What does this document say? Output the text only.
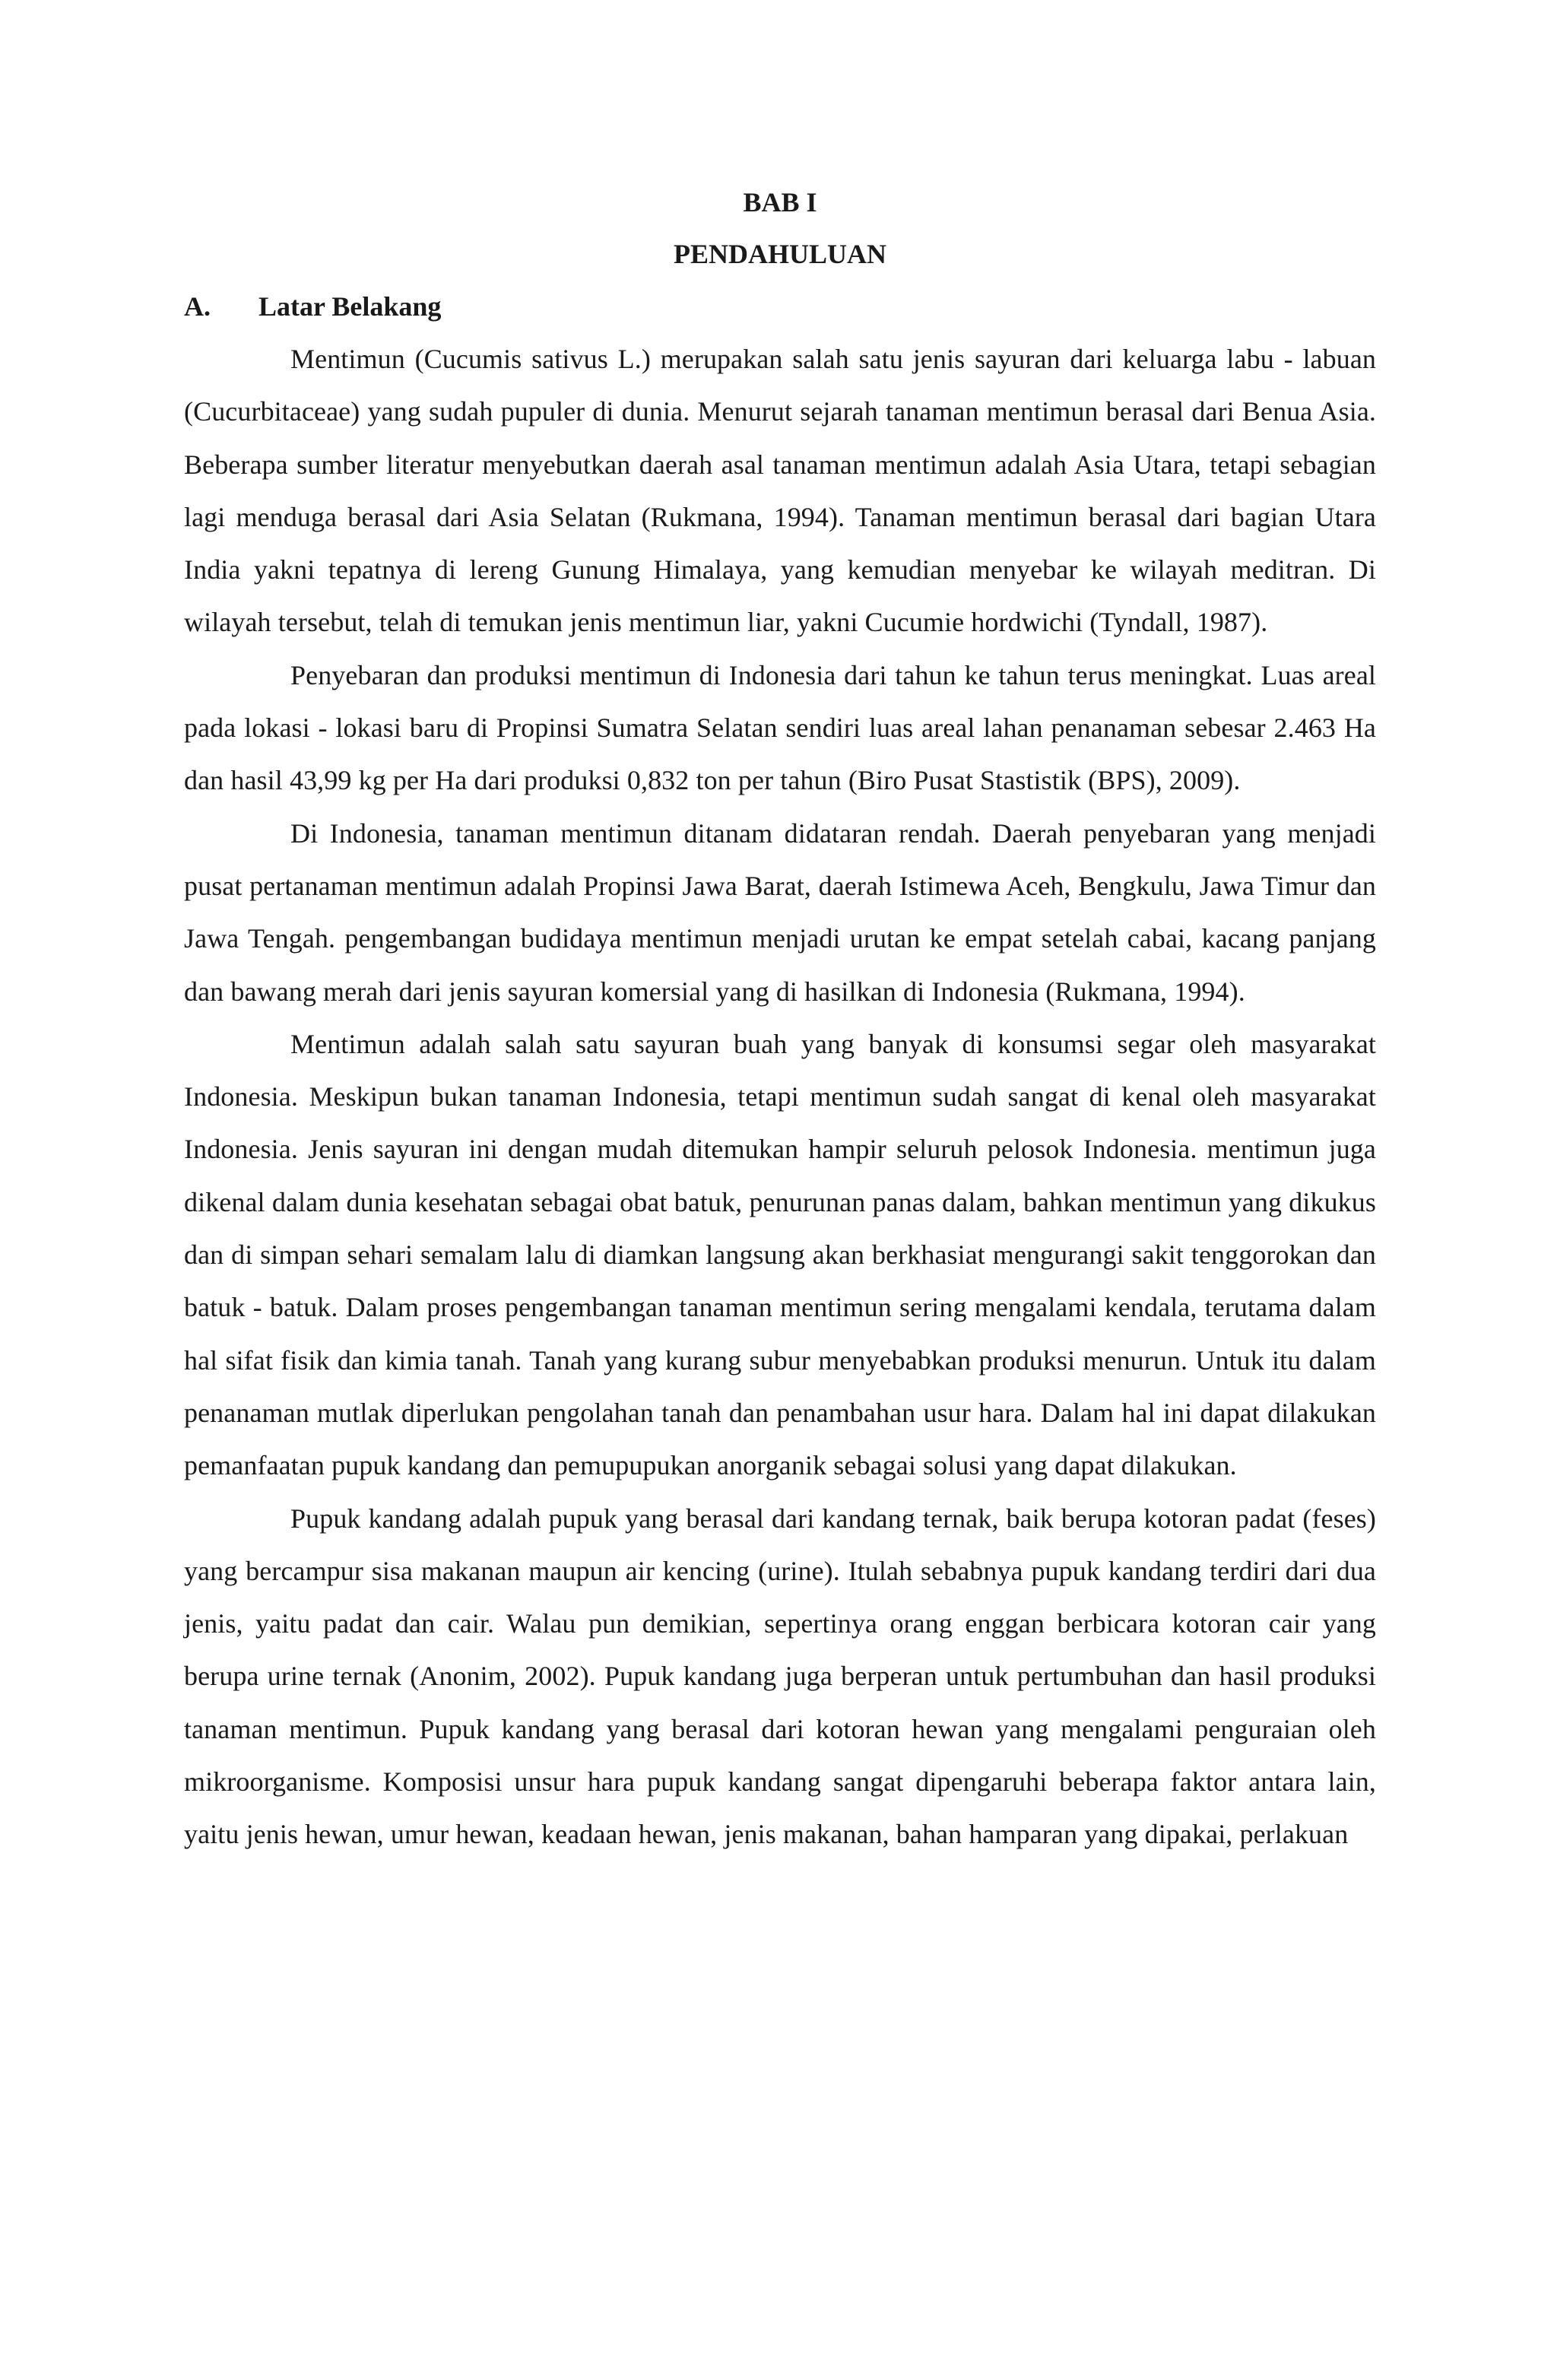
BAB I

PENDAHULUAN

A.	Latar Belakang

Mentimun (Cucumis sativus L.) merupakan salah satu jenis sayuran dari keluarga labu - labuan (Cucurbitaceae) yang sudah pupuler di dunia. Menurut sejarah tanaman mentimun berasal dari Benua Asia. Beberapa sumber literatur menyebutkan daerah asal tanaman mentimun adalah Asia Utara, tetapi sebagian lagi menduga berasal dari Asia Selatan (Rukmana, 1994). Tanaman mentimun berasal dari bagian Utara India yakni tepatnya di lereng Gunung Himalaya, yang kemudian menyebar ke wilayah meditran. Di wilayah tersebut, telah di temukan jenis mentimun liar, yakni Cucumie hordwichi (Tyndall, 1987).

Penyebaran dan produksi mentimun di Indonesia dari tahun ke tahun terus meningkat. Luas areal pada lokasi - lokasi baru di Propinsi Sumatra Selatan sendiri luas areal lahan penanaman sebesar 2.463 Ha dan hasil 43,99 kg per Ha dari produksi 0,832 ton per tahun (Biro Pusat Stastistik (BPS), 2009).

Di Indonesia, tanaman mentimun ditanam didataran rendah. Daerah penyebaran yang menjadi pusat pertanaman mentimun adalah Propinsi Jawa Barat, daerah Istimewa Aceh, Bengkulu, Jawa Timur dan Jawa Tengah. pengembangan budidaya mentimun menjadi urutan ke empat setelah cabai, kacang panjang dan bawang merah dari jenis sayuran komersial yang di hasilkan di Indonesia (Rukmana, 1994).

Mentimun adalah salah satu sayuran buah yang banyak di konsumsi segar oleh masyarakat Indonesia. Meskipun bukan tanaman Indonesia, tetapi mentimun sudah sangat di kenal oleh masyarakat Indonesia. Jenis sayuran ini dengan mudah ditemukan hampir seluruh pelosok Indonesia. mentimun juga dikenal dalam dunia kesehatan sebagai obat batuk, penurunan panas dalam, bahkan mentimun yang dikukus dan di simpan sehari semalam lalu di diamkan langsung akan berkhasiat mengurangi sakit tenggorokan dan batuk - batuk. Dalam proses pengembangan tanaman mentimun sering mengalami kendala, terutama dalam hal sifat fisik dan kimia tanah. Tanah yang kurang subur menyebabkan produksi menurun. Untuk itu dalam penanaman mutlak diperlukan pengolahan tanah dan penambahan usur hara. Dalam hal ini dapat dilakukan pemanfaatan pupuk kandang dan pemupupukan anorganik sebagai solusi yang dapat dilakukan.

Pupuk kandang adalah pupuk yang berasal dari kandang ternak, baik berupa kotoran padat (feses) yang bercampur sisa makanan maupun air kencing (urine). Itulah sebabnya pupuk kandang terdiri dari dua jenis, yaitu padat dan cair. Walau pun demikian, sepertinya orang enggan berbicara kotoran cair yang berupa urine ternak (Anonim, 2002). Pupuk kandang juga berperan untuk pertumbuhan dan hasil produksi tanaman mentimun. Pupuk kandang yang berasal dari kotoran hewan yang mengalami penguraian oleh mikroorganisme. Komposisi unsur hara pupuk kandang sangat dipengaruhi beberapa faktor antara lain, yaitu jenis hewan, umur hewan, keadaan hewan, jenis makanan, bahan hamparan yang dipakai, perlakuan
